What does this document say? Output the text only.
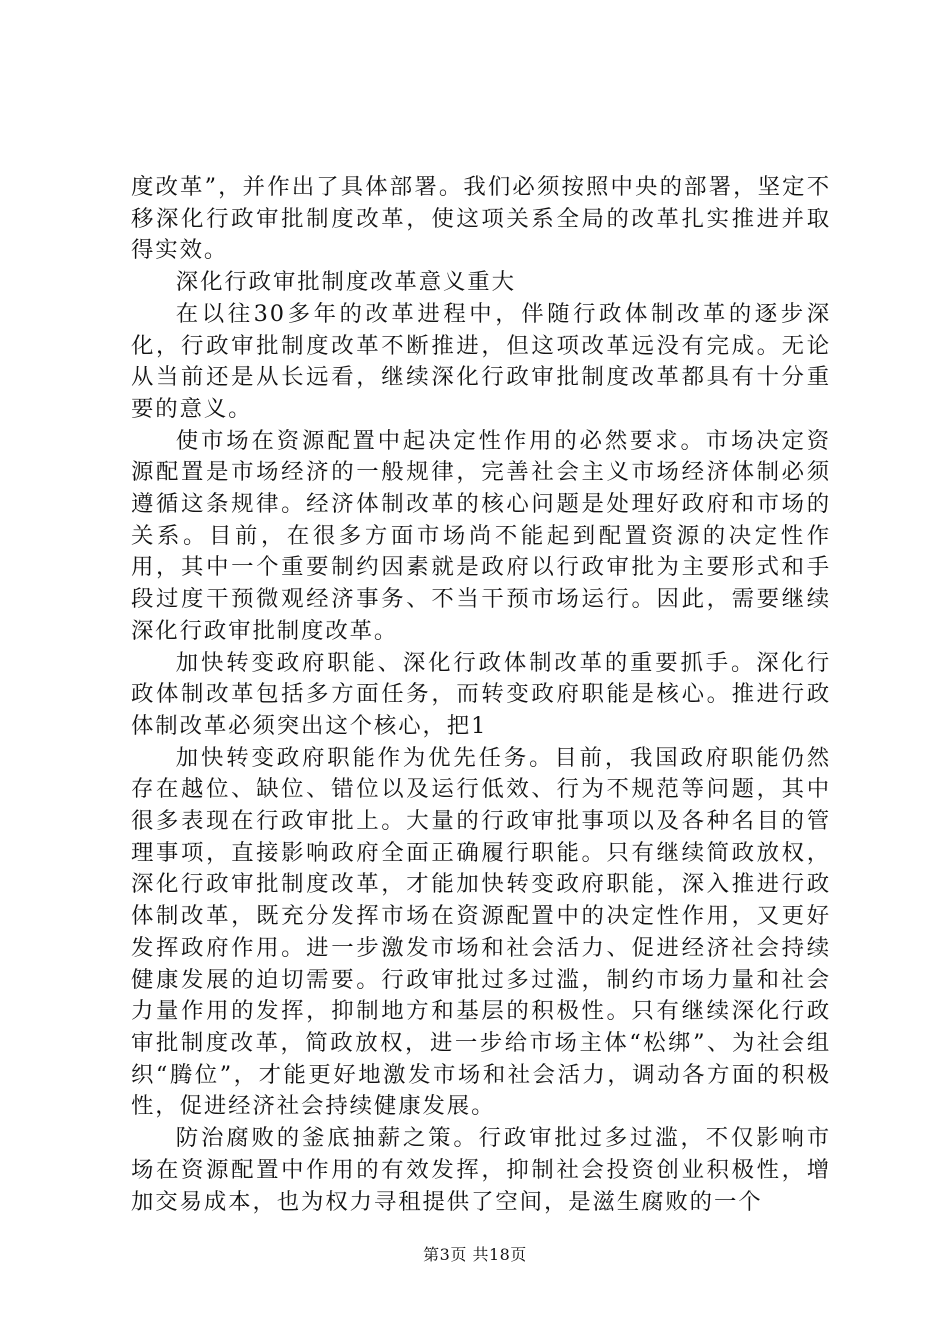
度改革”，并作出了具体部署。我们必须按照中央的部署，坚定不移深化行政审批制度改革，使这项关系全局的改革扎实推进并取得实效。

深化行政审批制度改革意义重大

在以往30多年的改革进程中，伴随行政体制改革的逐步深化，行政审批制度改革不断推进，但这项改革远没有完成。无论从当前还是从长远看，继续深化行政审批制度改革都具有十分重要的意义。

使市场在资源配置中起决定性作用的必然要求。市场决定资源配置是市场经济的一般规律，完善社会主义市场经济体制必须遵循这条规律。经济体制改革的核心问题是处理好政府和市场的关系。目前，在很多方面市场尚不能起到配置资源的决定性作用，其中一个重要制约因素就是政府以行政审批为主要形式和手段过度干预微观经济事务、不当干预市场运行。因此，需要继续深化行政审批制度改革。

加快转变政府职能、深化行政体制改革的重要抓手。深化行政体制改革包括多方面任务，而转变政府职能是核心。推进行政体制改革必须突出这个核心，把1

加快转变政府职能作为优先任务。目前，我国政府职能仍然存在越位、缺位、错位以及运行低效、行为不规范等问题，其中很多表现在行政审批上。大量的行政审批事项以及各种名目的管理事项，直接影响政府全面正确履行职能。只有继续简政放权，深化行政审批制度改革，才能加快转变政府职能，深入推进行政体制改革，既充分发挥市场在资源配置中的决定性作用，又更好发挥政府作用。进一步激发市场和社会活力、促进经济社会持续健康发展的迫切需要。行政审批过多过滥，制约市场力量和社会力量作用的发挥，抑制地方和基层的积极性。只有继续深化行政审批制度改革，简政放权，进一步给市场主体“松绑”、为社会组织“腾位”，才能更好地激发市场和社会活力，调动各方面的积极性，促进经济社会持续健康发展。

防治腐败的釜底抽薪之策。行政审批过多过滥，不仅影响市场在资源配置中作用的有效发挥，抑制社会投资创业积极性，增加交易成本，也为权力寻租提供了空间，是滋生腐败的一个

第3页 共18页
